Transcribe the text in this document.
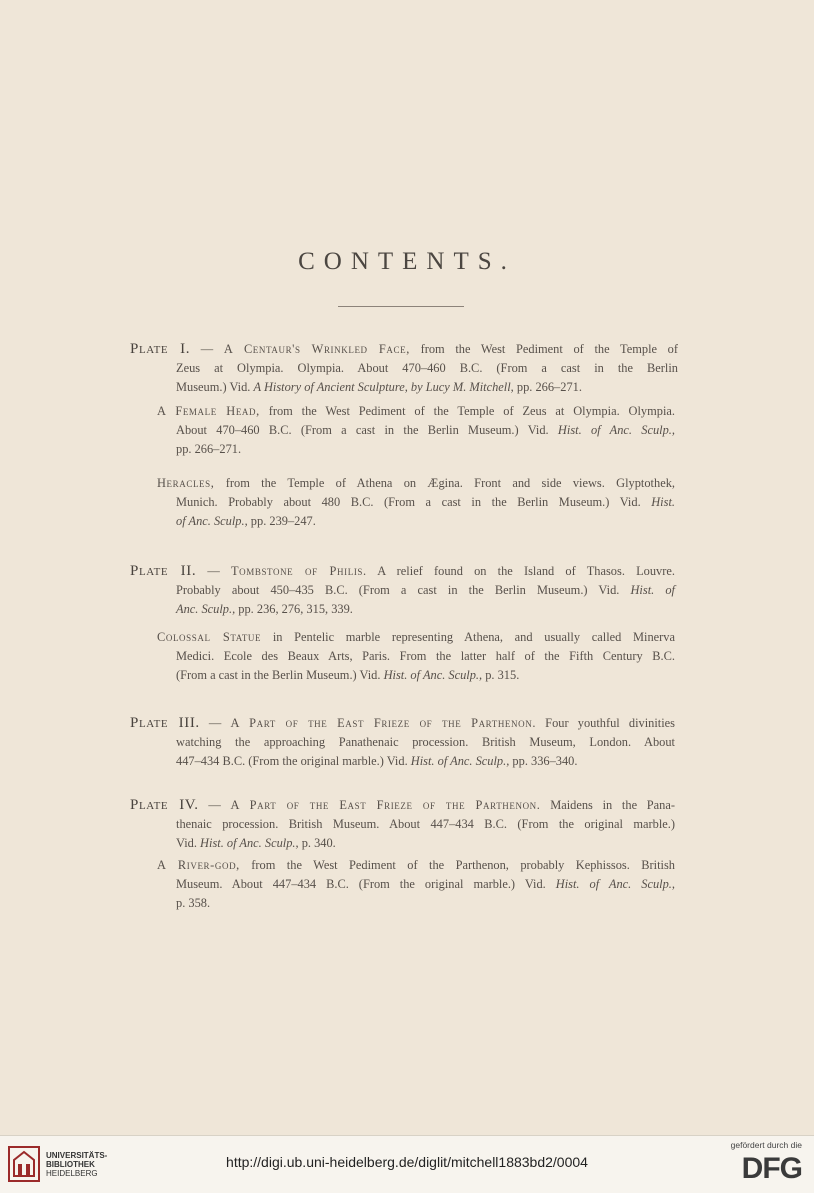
CONTENTS.
Plate I. — A Centaur's Wrinkled Face, from the West Pediment of the Temple of
Zeus at Olympia. Olympia. About 470–460 B.C. (From a cast in the Berlin
Museum.) Vid. A History of Ancient Sculpture, by Lucy M. Mitchell, pp. 266–271.
A Female Head, from the West Pediment of the Temple of Zeus at Olympia. Olympia.
About 470–460 B.C. (From a cast in the Berlin Museum.) Vid. Hist. of Anc. Sculp.,
pp. 266–271.
Heracles, from the Temple of Athena on Ægina. Front and side views. Glyptothek,
Munich. Probably about 480 B.C. (From a cast in the Berlin Museum.) Vid. Hist.
of Anc. Sculp., pp. 239–247.
Plate II. — Tombstone of Philis. A relief found on the Island of Thasos. Louvre.
Probably about 450–435 B.C. (From a cast in the Berlin Museum.) Vid. Hist. of
Anc. Sculp., pp. 236, 276, 315, 339.
Colossal Statue in Pentelic marble representing Athena, and usually called Minerva
Medici. Ecole des Beaux Arts, Paris. From the latter half of the Fifth Century B.C.
(From a cast in the Berlin Museum.) Vid. Hist. of Anc. Sculp., p. 315.
Plate III. — A Part of the East Frieze of the Parthenon. Four youthful divinities
watching the approaching Panathenaic procession. British Museum, London. About
447–434 B.C. (From the original marble.) Vid. Hist. of Anc. Sculp., pp. 336–340.
Plate IV. — A Part of the East Frieze of the Parthenon. Maidens in the Pana-
thenaic procession. British Museum. About 447–434 B.C. (From the original marble.)
Vid. Hist. of Anc. Sculp., p. 340.
A River-god, from the West Pediment of the Parthenon, probably Kephissos. British
Museum. About 447–434 B.C. (From the original marble.) Vid. Hist. of Anc. Sculp.,
p. 358.
UNIVERSITÄTS-
BIBLIOTHEK
HEIDELBERG
http://digi.ub.uni-heidelberg.de/diglit/mitchell1883bd2/0004
gefördert durch die
DFG
